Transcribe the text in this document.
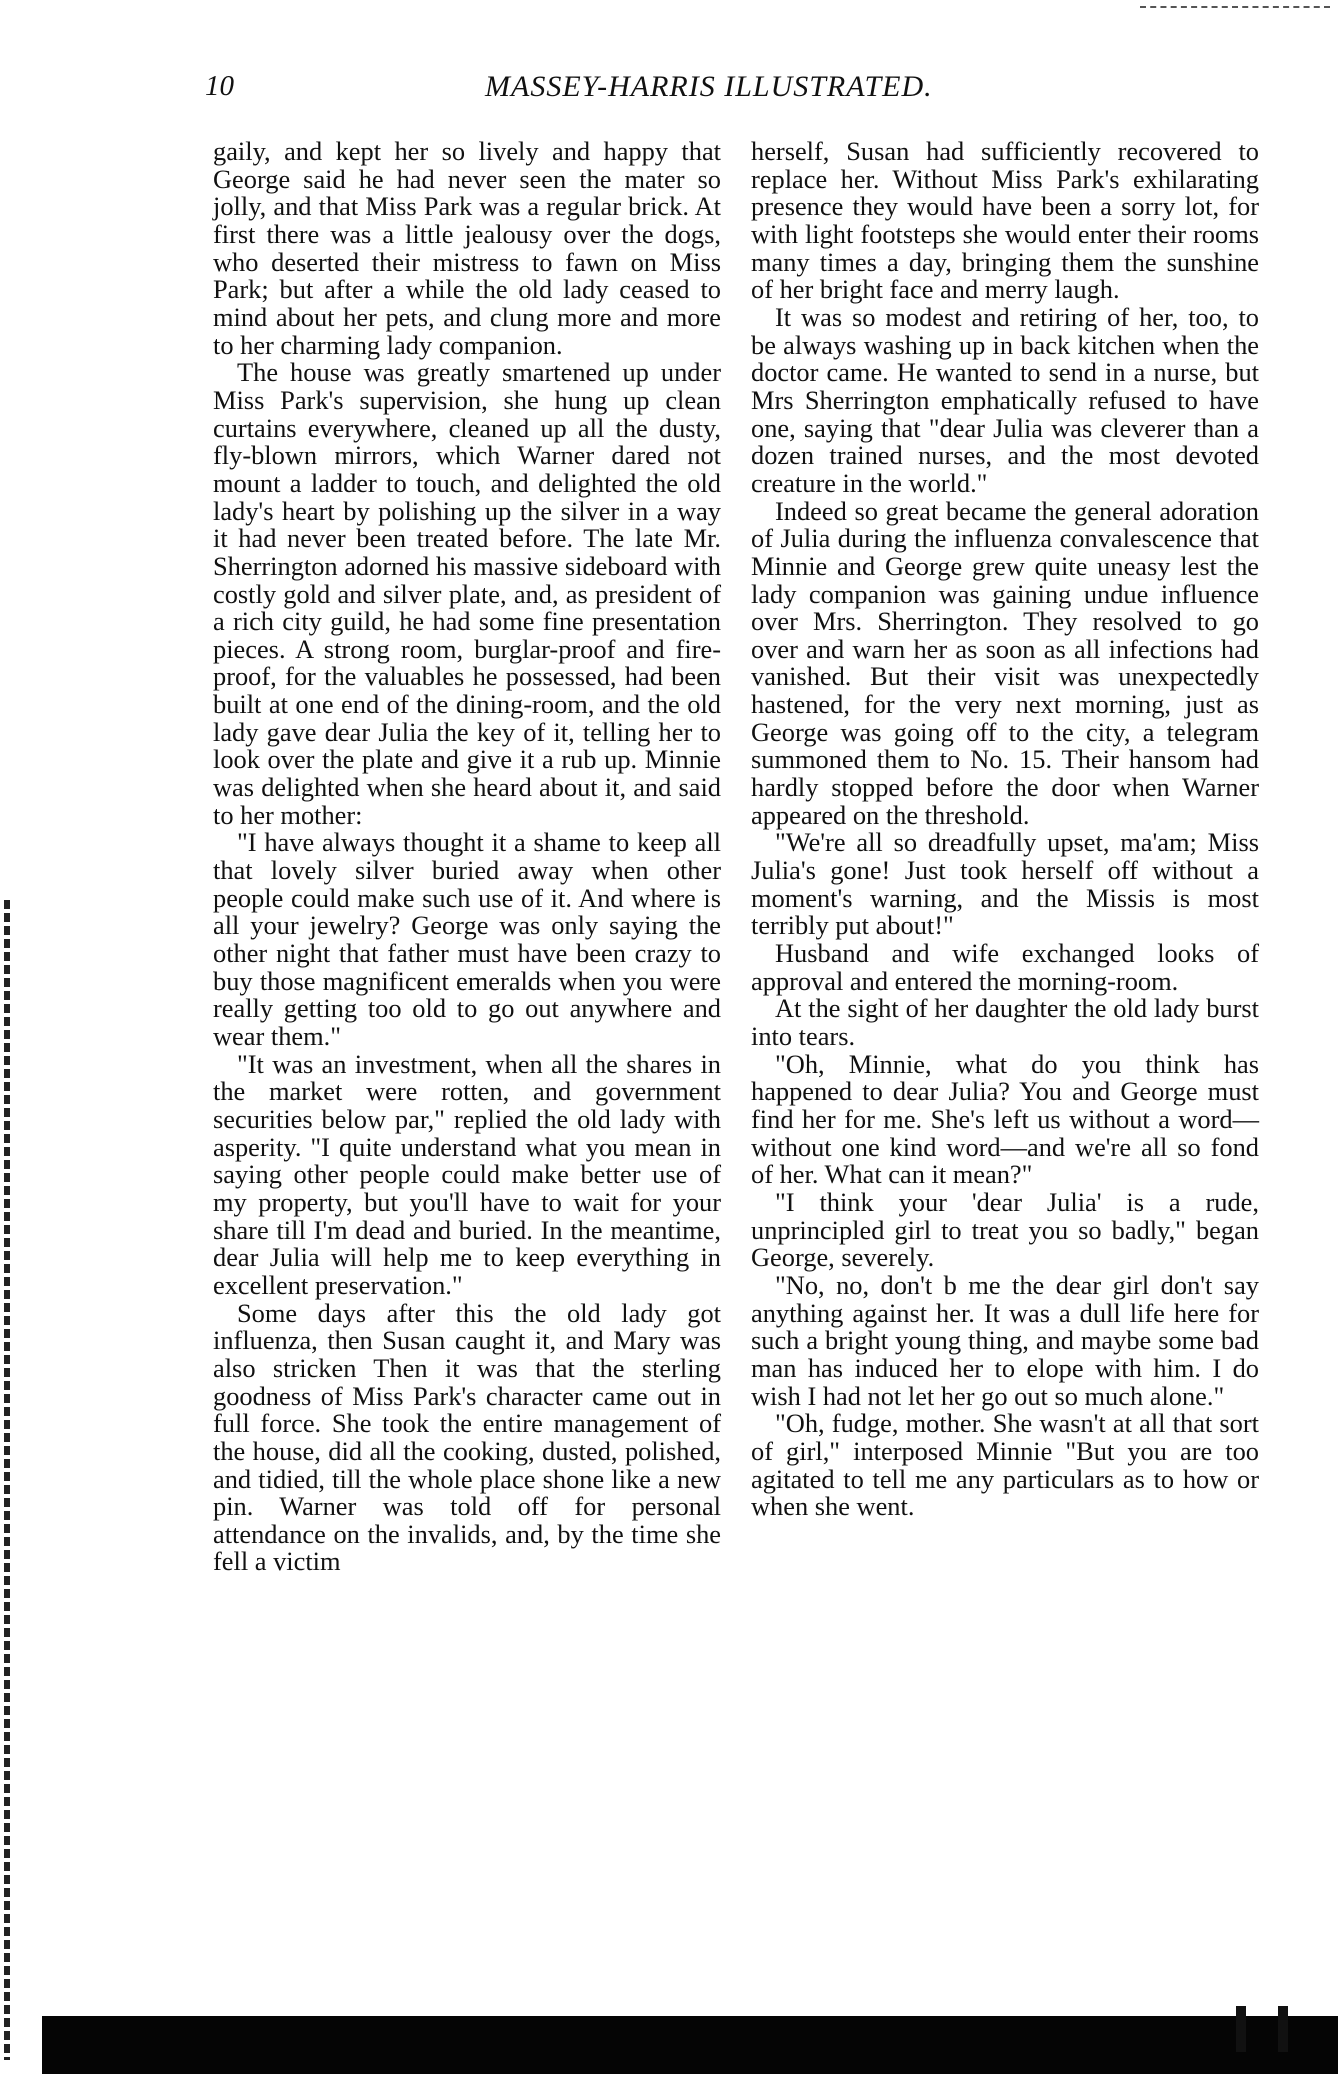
10	MASSEY-HARRIS ILLUSTRATED.

gaily, and kept her so lively and happy that George said he had never seen the mater so jolly, and that Miss Park was a regular brick. At first there was a little jealousy over the dogs, who deserted their mistress to fawn on Miss Park; but after a while the old lady ceased to mind about her pets, and clung more and more to her charming lady companion.

The house was greatly smartened up under Miss Park's supervision, she hung up clean curtains everywhere, cleaned up all the dusty, fly-blown mirrors, which Warner dared not mount a ladder to touch, and delighted the old lady's heart by polishing up the silver in a way it had never been treated before. The late Mr. Sherrington adorned his massive sideboard with costly gold and silver plate, and, as president of a rich city guild, he had some fine presentation pieces. A strong room, burglar-proof and fire-proof, for the valuables he possessed, had been built at one end of the dining-room, and the old lady gave dear Julia the key of it, telling her to look over the plate and give it a rub up. Minnie was delighted when she heard about it, and said to her mother:

"I have always thought it a shame to keep all that lovely silver buried away when other people could make such use of it. And where is all your jewelry? George was only saying the other night that father must have been crazy to buy those magnificent emeralds when you were really getting too old to go out anywhere and wear them."

"It was an investment, when all the shares in the market were rotten, and government securities below par," replied the old lady with asperity. "I quite understand what you mean in saying other people could make better use of my property, but you'll have to wait for your share till I'm dead and buried. In the meantime, dear Julia will help me to keep everything in excellent preservation."

Some days after this the old lady got influenza, then Susan caught it, and Mary was also stricken Then it was that the sterling goodness of Miss Park's character came out in full force. She took the entire management of the house, did all the cooking, dusted, polished, and tidied, till the whole place shone like a new pin. Warner was told off for personal attendance on the invalids, and, by the time she fell a victim

herself, Susan had sufficiently recovered to replace her. Without Miss Park's exhilarating presence they would have been a sorry lot, for with light footsteps she would enter their rooms many times a day, bringing them the sunshine of her bright face and merry laugh.

It was so modest and retiring of her, too, to be always washing up in back kitchen when the doctor came. He wanted to send in a nurse, but Mrs Sherrington emphatically refused to have one, saying that "dear Julia was cleverer than a dozen trained nurses, and the most devoted creature in the world."

Indeed so great became the general adoration of Julia during the influenza convalescence that Minnie and George grew quite uneasy lest the lady companion was gaining undue influence over Mrs. Sherrington. They resolved to go over and warn her as soon as all infections had vanished. But their visit was unexpectedly hastened, for the very next morning, just as George was going off to the city, a telegram summoned them to No. 15. Their hansom had hardly stopped before the door when Warner appeared on the threshold.

"We're all so dreadfully upset, ma'am; Miss Julia's gone! Just took herself off without a moment's warning, and the Missis is most terribly put about!"

Husband and wife exchanged looks of approval and entered the morning-room.

At the sight of her daughter the old lady burst into tears.

"Oh, Minnie, what do you think has happened to dear Julia? You and George must find her for me. She's left us without a word—without one kind word—and we're all so fond of her. What can it mean?"

"I think your 'dear Julia' is a rude, unprincipled girl to treat you so badly," began George, severely.

"No, no, don't b me the dear girl don't say anything against her. It was a dull life here for such a bright young thing, and maybe some bad man has induced her to elope with him. I do wish I had not let her go out so much alone."

"Oh, fudge, mother. She wasn't at all that sort of girl," interposed Minnie "But you are too agitated to tell me any particulars as to how or when she went.
